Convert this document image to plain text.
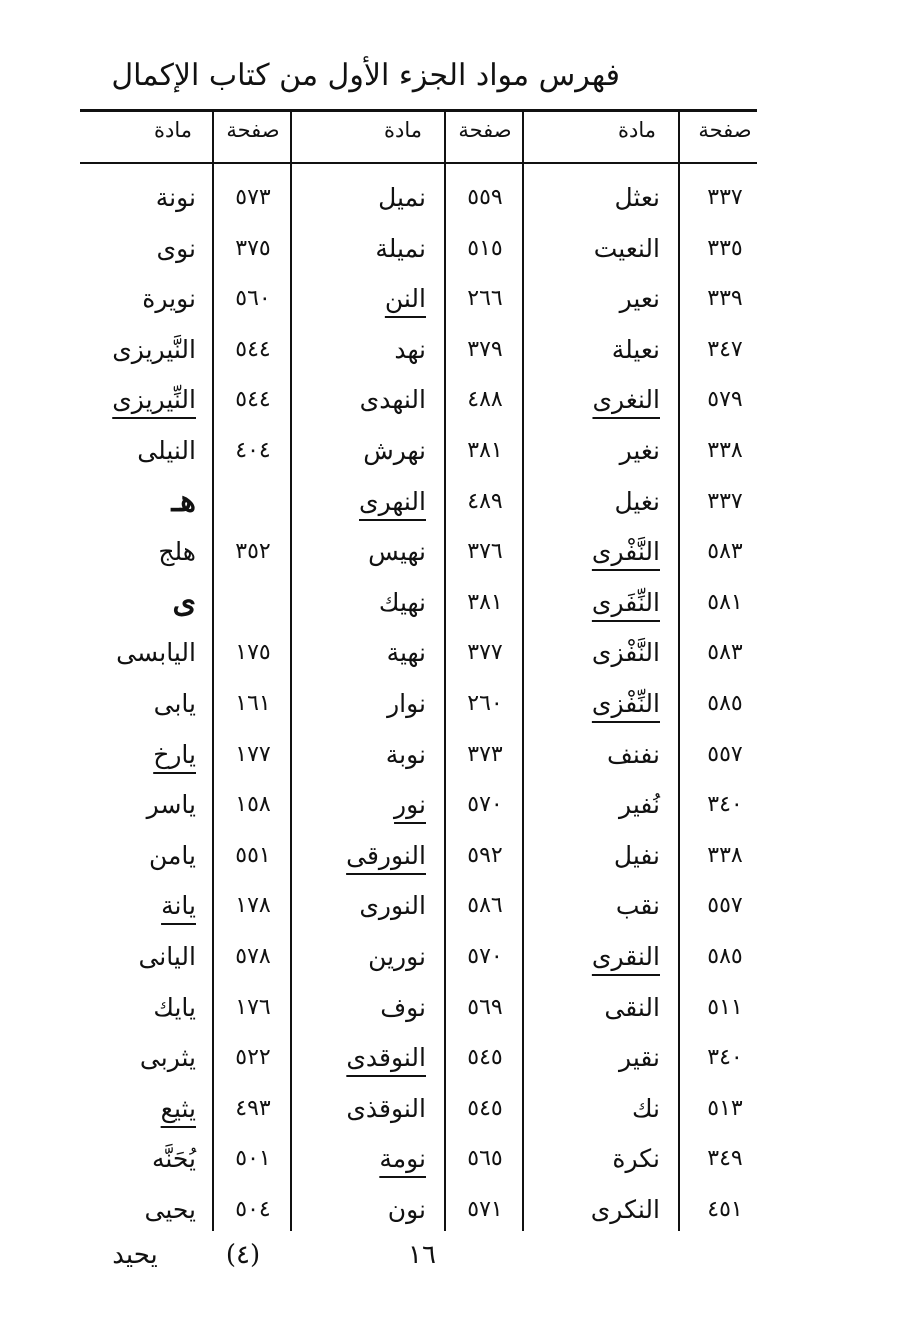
فهرس مواد الجزء الأول من كتاب الإكمال
صفحة
مادة
صفحة
مادة
صفحة
مادة
٣٣٧
نعثل
٣٣٥
النعيت
٣٣٩
نعير
٣٤٧
نعيلة
٥٧٩
النغرى
٣٣٨
نغير
٣٣٧
نغيل
٥٨٣
النَّفْرى
٥٨١
النِّفَرى
٥٨٣
النَّفْزى
٥٨٥
النِّفْزى
٥٥٧
نفنف
٣٤٠
نُفير
٣٣٨
نفيل
٥٥٧
نقب
٥٨٥
النقرى
٥١١
النقى
٣٤٠
نقير
٥١٣
نك
٣٤٩
نكرة
٤٥١
النكرى
٥٥٩
نميل
٥١٥
نميلة
٢٦٦
النن
٣٧٩
نهد
٤٨٨
النهدى
٣٨١
نهرش
٤٨٩
النهرى
٣٧٦
نهيس
٣٨١
نهيك
٣٧٧
نهية
٢٦٠
نوار
٣٧٣
نوبة
٥٧٠
نور
٥٩٢
النورقى
٥٨٦
النورى
٥٧٠
نورين
٥٦٩
نوف
٥٤٥
النوقدى
٥٤٥
النوقذى
٥٦٥
نومة
٥٧١
نون
٥٧٣
نونة
٣٧٥
نوى
٥٦٠
نويرة
٥٤٤
النَّيريزى
٥٤٤
النِّيريزى
٤٠٤
النيلى
هـ
٣٥٢
هلج
ى
١٧٥
اليابسى
١٦١
يابى
١٧٧
يارخ
١٥٨
ياسر
٥٥١
يامن
١٧٨
يانة
٥٧٨
اليانى
١٧٦
يايك
٥٢٢
يثربى
٤٩٣
يثيع
٥٠١
يُحَنَّه
٥٠٤
يحيى
١٦
(٤)
يحيد
